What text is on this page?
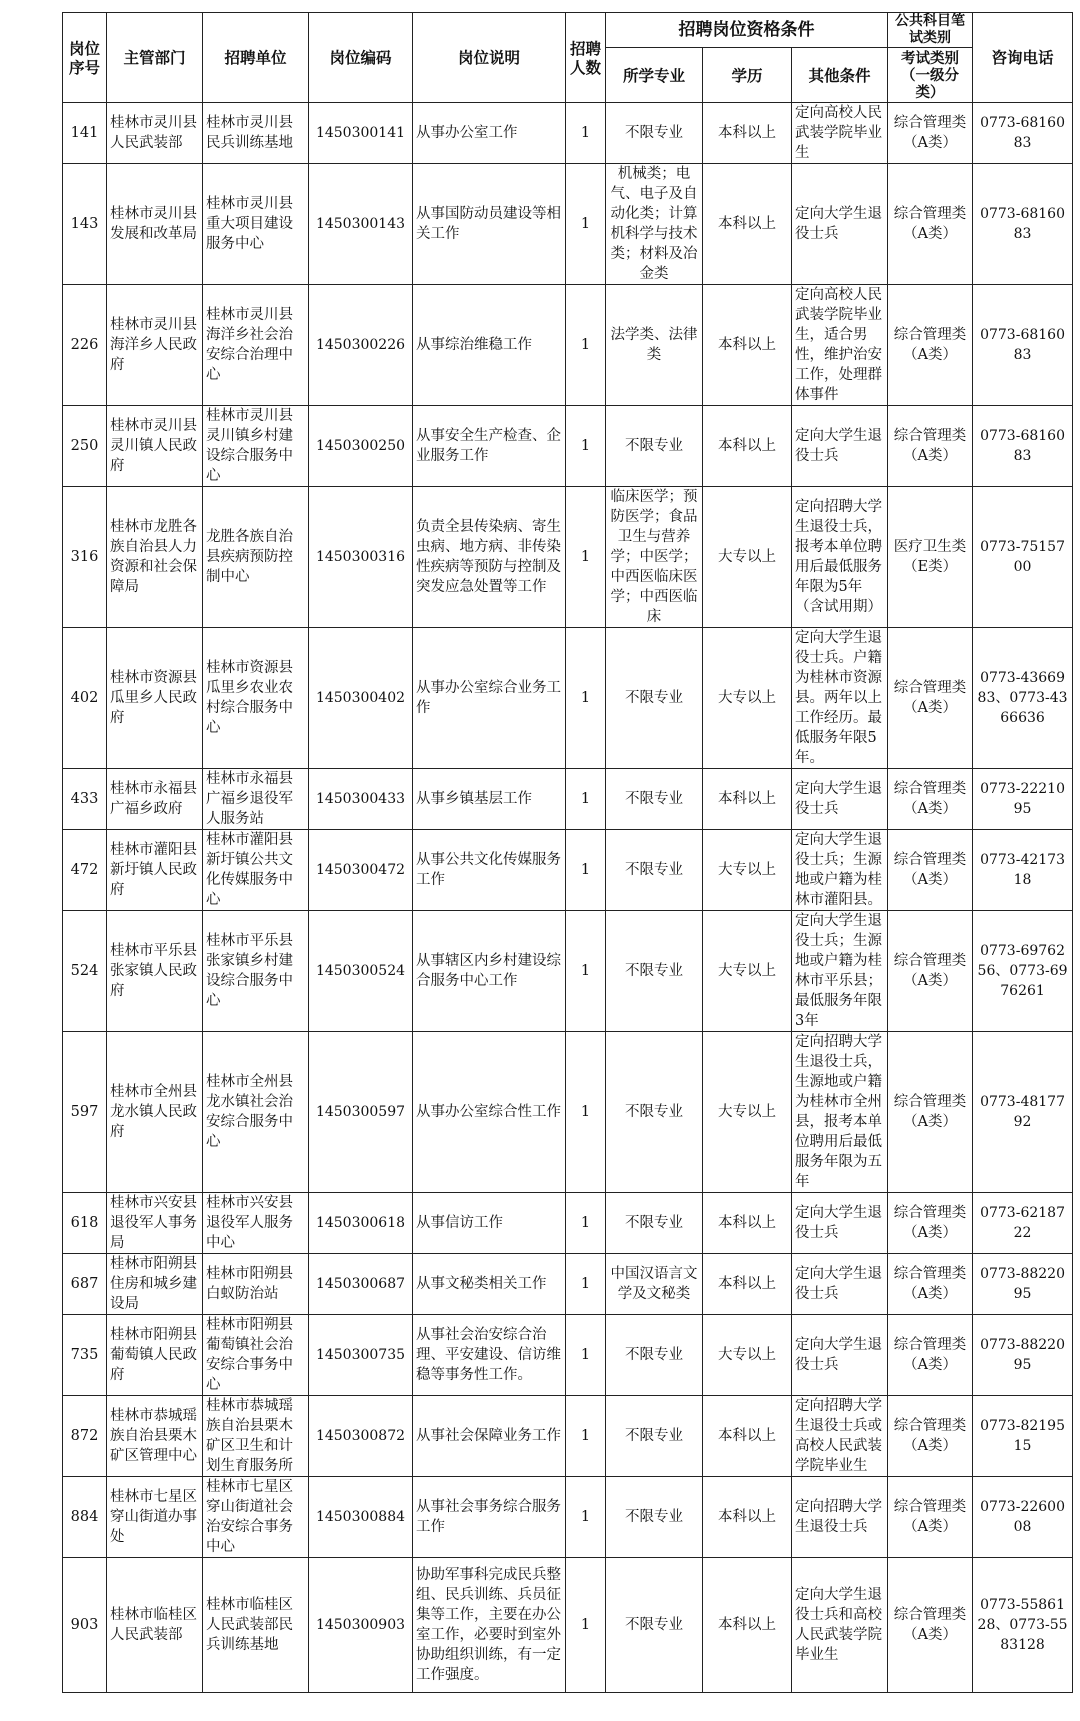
岗位序号	主管部门	招聘单位	岗位编码	岗位说明	招聘人数	招聘岗位资格条件			公共科目笔试类别	咨询电话
						所学专业	学历	其他条件	考试类别（一级分类）	
141	桂林市灵川县人民武装部	桂林市灵川县民兵训练基地	1450300141	从事办公室工作	1	不限专业	本科以上	定向高校人民武装学院毕业生	综合管理类（A类）	0773-6816083
143	桂林市灵川县发展和改革局	桂林市灵川县重大项目建设服务中心	1450300143	从事国防动员建设等相关工作	1	机械类；电气、电子及自动化类；计算机科学与技术类；材料及冶金类	本科以上	定向大学生退役士兵	综合管理类（A类）	0773-6816083
226	桂林市灵川县海洋乡人民政府	桂林市灵川县海洋乡社会治安综合治理中心	1450300226	从事综治维稳工作	1	法学类、法律类	本科以上	定向高校人民武装学院毕业生，适合男性，维护治安工作，处理群体事件	综合管理类（A类）	0773-6816083
250	桂林市灵川县灵川镇人民政府	桂林市灵川县灵川镇乡村建设综合服务中心	1450300250	从事安全生产检查、企业服务工作	1	不限专业	本科以上	定向大学生退役士兵	综合管理类（A类）	0773-6816083
316	桂林市龙胜各族自治县人力资源和社会保障局	龙胜各族自治县疾病预防控制中心	1450300316	负责全县传染病、寄生虫病、地方病、非传染性疾病等预防与控制及突发应急处置等工作	1	临床医学；预防医学；食品卫生与营养学；中医学；中西医临床医学；中西医临床	大专以上	定向招聘大学生退役士兵，报考本单位聘用后最低服务年限为5年（含试用期）	医疗卫生类（E类）	0773-7515700
402	桂林市资源县瓜里乡人民政府	桂林市资源县瓜里乡农业农村综合服务中心	1450300402	从事办公室综合业务工作	1	不限专业	大专以上	定向大学生退役士兵。户籍为桂林市资源县。两年以上工作经历。最低服务年限5年。	综合管理类（A类）	0773-4366983、0773-4366636
433	桂林市永福县广福乡政府	桂林市永福县广福乡退役军人服务站	1450300433	从事乡镇基层工作	1	不限专业	本科以上	定向大学生退役士兵	综合管理类（A类）	0773-2221095
472	桂林市灌阳县新圩镇人民政府	桂林市灌阳县新圩镇公共文化传媒服务中心	1450300472	从事公共文化传媒服务工作	1	不限专业	大专以上	定向大学生退役士兵；生源地或户籍为桂林市灌阳县。	综合管理类（A类）	0773-4217318
524	桂林市平乐县张家镇人民政府	桂林市平乐县张家镇乡村建设综合服务中心	1450300524	从事辖区内乡村建设综合服务中心工作	1	不限专业	大专以上	定向大学生退役士兵；生源地或户籍为桂林市平乐县；最低服务年限3年	综合管理类（A类）	0773-6976256、0773-6976261
597	桂林市全州县龙水镇人民政府	桂林市全州县龙水镇社会治安综合服务中心	1450300597	从事办公室综合性工作	1	不限专业	大专以上	定向招聘大学生退役士兵，生源地或户籍为桂林市全州县，报考本单位聘用后最低服务年限为五年	综合管理类（A类）	0773-4817792
618	桂林市兴安县退役军人事务局	桂林市兴安县退役军人服务中心	1450300618	从事信访工作	1	不限专业	本科以上	定向大学生退役士兵	综合管理类（A类）	0773-6218722
687	桂林市阳朔县住房和城乡建设局	桂林市阳朔县白蚁防治站	1450300687	从事文秘类相关工作	1	中国汉语言文学及文秘类	本科以上	定向大学生退役士兵	综合管理类（A类）	0773-8822095
735	桂林市阳朔县葡萄镇人民政府	桂林市阳朔县葡萄镇社会治安综合事务中心	1450300735	从事社会治安综合治理、平安建设、信访维稳等事务性工作。	1	不限专业	大专以上	定向大学生退役士兵	综合管理类（A类）	0773-8822095
872	桂林市恭城瑶族自治县栗木矿区管理中心	桂林市恭城瑶族自治县栗木矿区卫生和计划生育服务所	1450300872	从事社会保障业务工作	1	不限专业	本科以上	定向招聘大学生退役士兵或高校人民武装学院毕业生	综合管理类（A类）	0773-8219515
884	桂林市七星区穿山街道办事处	桂林市七星区穿山街道社会治安综合事务中心	1450300884	从事社会事务综合服务工作	1	不限专业	本科以上	定向招聘大学生退役士兵	综合管理类（A类）	0773-2260008
903	桂林市临桂区人民武装部	桂林市临桂区人民武装部民兵训练基地	1450300903	协助军事科完成民兵整组、民兵训练、兵员征集等工作，主要在办公室工作，必要时到室外协助组织训练，有一定工作强度。	1	不限专业	本科以上	定向大学生退役士兵和高校人民武装学院毕业生	综合管理类（A类）	0773-5586128、0773-5583128
